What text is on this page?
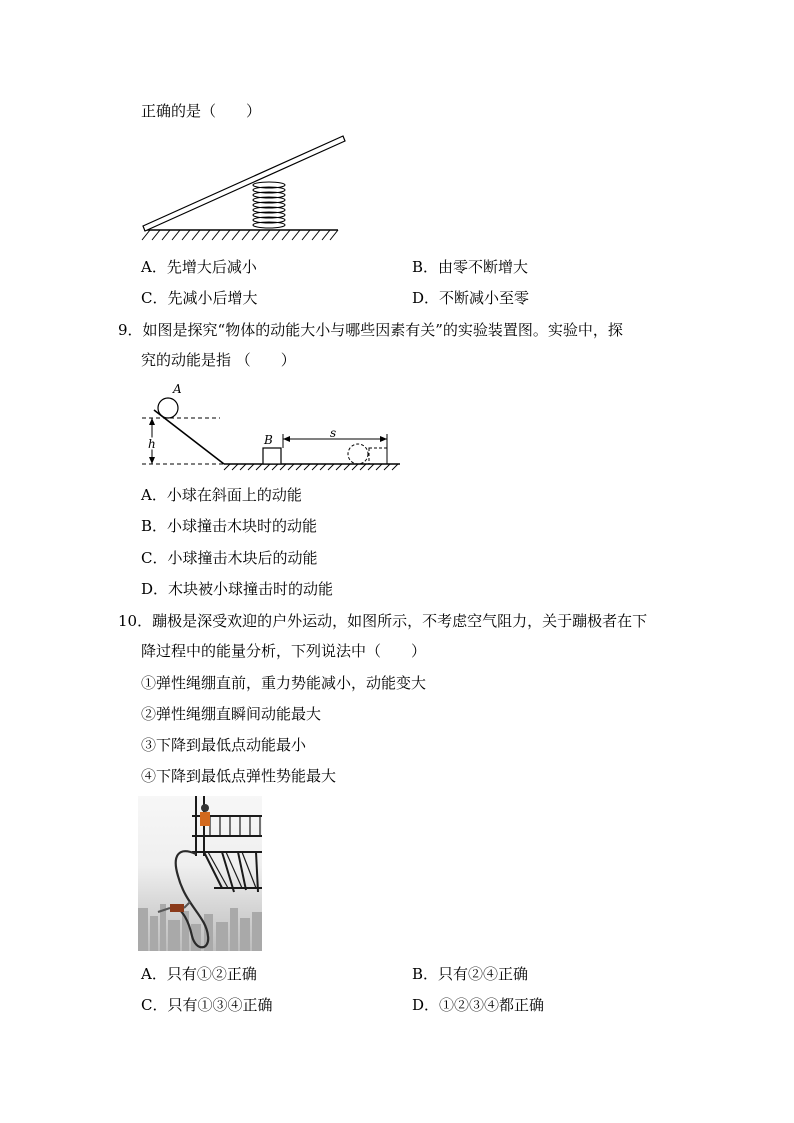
正确的是（　　）
A．先增大后减小	B．由零不断增大
C．先减小后增大	D．不断减小至零
9．如图是探究“物体的动能大小与哪些因素有关”的实验装置图。实验中，探
究的动能是指 （　　）
A
h	B	s
A．小球在斜面上的动能
B．小球撞击木块时的动能
C．小球撞击木块后的动能
D．木块被小球撞击时的动能
10．蹦极是深受欢迎的户外运动，如图所示，不考虑空气阻力，关于蹦极者在下
降过程中的能量分析，下列说法中（　　）
①弹性绳绷直前，重力势能减小，动能变大
②弹性绳绷直瞬间动能最大
③下降到最低点动能最小
④下降到最低点弹性势能最大
A．只有①②正确	B．只有②④正确
C．只有①③④正确	D．①②③④都正确
